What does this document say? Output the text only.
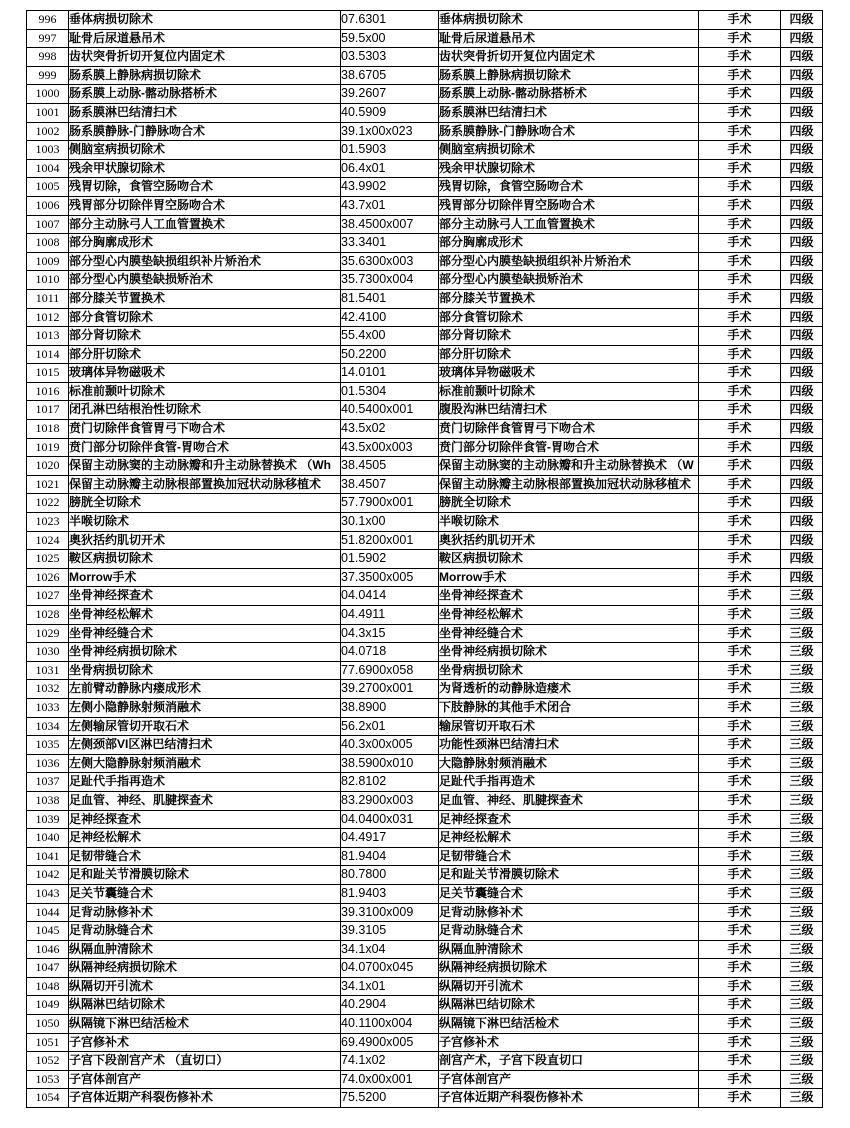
996	垂体病损切除术	07.6301	垂体病损切除术	手术	四级
997	耻骨后尿道悬吊术	59.5x00	耻骨后尿道悬吊术	手术	四级
998	齿状突骨折切开复位内固定术	03.5303	齿状突骨折切开复位内固定术	手术	四级
999	肠系膜上静脉病损切除术	38.6705	肠系膜上静脉病损切除术	手术	四级
1000	肠系膜上动脉-髂动脉搭桥术	39.2607	肠系膜上动脉-髂动脉搭桥术	手术	四级
1001	肠系膜淋巴结清扫术	40.5909	肠系膜淋巴结清扫术	手术	四级
1002	肠系膜静脉-门静脉吻合术	39.1x00x023	肠系膜静脉-门静脉吻合术	手术	四级
1003	侧脑室病损切除术	01.5903	侧脑室病损切除术	手术	四级
1004	残余甲状腺切除术	06.4x01	残余甲状腺切除术	手术	四级
1005	残胃切除，食管空肠吻合术	43.9902	残胃切除，食管空肠吻合术	手术	四级
1006	残胃部分切除伴胃空肠吻合术	43.7x01	残胃部分切除伴胃空肠吻合术	手术	四级
1007	部分主动脉弓人工血管置换术	38.4500x007	部分主动脉弓人工血管置换术	手术	四级
1008	部分胸廓成形术	33.3401	部分胸廓成形术	手术	四级
1009	部分型心内膜垫缺损组织补片矫治术	35.6300x003	部分型心内膜垫缺损组织补片矫治术	手术	四级
1010	部分型心内膜垫缺损矫治术	35.7300x004	部分型心内膜垫缺损矫治术	手术	四级
1011	部分膝关节置换术	81.5401	部分膝关节置换术	手术	四级
1012	部分食管切除术	42.4100	部分食管切除术	手术	四级
1013	部分肾切除术	55.4x00	部分肾切除术	手术	四级
1014	部分肝切除术	50.2200	部分肝切除术	手术	四级
1015	玻璃体异物磁吸术	14.0101	玻璃体异物磁吸术	手术	四级
1016	标准前颞叶切除术	01.5304	标准前颞叶切除术	手术	四级
1017	闭孔淋巴结根治性切除术	40.5400x001	腹股沟淋巴结清扫术	手术	四级
1018	贲门切除伴食管胃弓下吻合术	43.5x02	贲门切除伴食管胃弓下吻合术	手术	四级
1019	贲门部分切除伴食管-胃吻合术	43.5x00x003	贲门部分切除伴食管-胃吻合术	手术	四级
1020	保留主动脉窦的主动脉瓣和升主动脉替换术 （Wh	38.4505	保留主动脉窦的主动脉瓣和升主动脉替换术 （W	手术	四级
1021	保留主动脉瓣主动脉根部置换加冠状动脉移植术	38.4507	保留主动脉瓣主动脉根部置换加冠状动脉移植术	手术	四级
1022	膀胱全切除术	57.7900x001	膀胱全切除术	手术	四级
1023	半喉切除术	30.1x00	半喉切除术	手术	四级
1024	奥狄括约肌切开术	51.8200x001	奥狄括约肌切开术	手术	四级
1025	鞍区病损切除术	01.5902	鞍区病损切除术	手术	四级
1026	Morrow手术	37.3500x005	Morrow手术	手术	四级
1027	坐骨神经探查术	04.0414	坐骨神经探查术	手术	三级
1028	坐骨神经松解术	04.4911	坐骨神经松解术	手术	三级
1029	坐骨神经缝合术	04.3x15	坐骨神经缝合术	手术	三级
1030	坐骨神经病损切除术	04.0718	坐骨神经病损切除术	手术	三级
1031	坐骨病损切除术	77.6900x058	坐骨病损切除术	手术	三级
1032	左前臂动静脉内瘘成形术	39.2700x001	为肾透析的动静脉造瘘术	手术	三级
1033	左侧小隐静脉射频消融术	38.8900	下肢静脉的其他手术闭合	手术	三级
1034	左侧输尿管切开取石术	56.2x01	输尿管切开取石术	手术	三级
1035	左侧颈部VI区淋巴结清扫术	40.3x00x005	功能性颈淋巴结清扫术	手术	三级
1036	左侧大隐静脉射频消融术	38.5900x010	大隐静脉射频消融术	手术	三级
1037	足趾代手指再造术	82.8102	足趾代手指再造术	手术	三级
1038	足血管、神经、肌腱探查术	83.2900x003	足血管、神经、肌腱探查术	手术	三级
1039	足神经探查术	04.0400x031	足神经探查术	手术	三级
1040	足神经松解术	04.4917	足神经松解术	手术	三级
1041	足韧带缝合术	81.9404	足韧带缝合术	手术	三级
1042	足和趾关节滑膜切除术	80.7800	足和趾关节滑膜切除术	手术	三级
1043	足关节囊缝合术	81.9403	足关节囊缝合术	手术	三级
1044	足背动脉修补术	39.3100x009	足背动脉修补术	手术	三级
1045	足背动脉缝合术	39.3105	足背动脉缝合术	手术	三级
1046	纵隔血肿清除术	34.1x04	纵隔血肿清除术	手术	三级
1047	纵隔神经病损切除术	04.0700x045	纵隔神经病损切除术	手术	三级
1048	纵隔切开引流术	34.1x01	纵隔切开引流术	手术	三级
1049	纵隔淋巴结切除术	40.2904	纵隔淋巴结切除术	手术	三级
1050	纵隔镜下淋巴结活检术	40.1100x004	纵隔镜下淋巴结活检术	手术	三级
1051	子宫修补术	69.4900x005	子宫修补术	手术	三级
1052	子宫下段剖宫产术 （直切口）	74.1x02	剖宫产术，子宫下段直切口	手术	三级
1053	子宫体剖宫产	74.0x00x001	子宫体剖宫产	手术	三级
1054	子宫体近期产科裂伤修补术	75.5200	子宫体近期产科裂伤修补术	手术	三级
